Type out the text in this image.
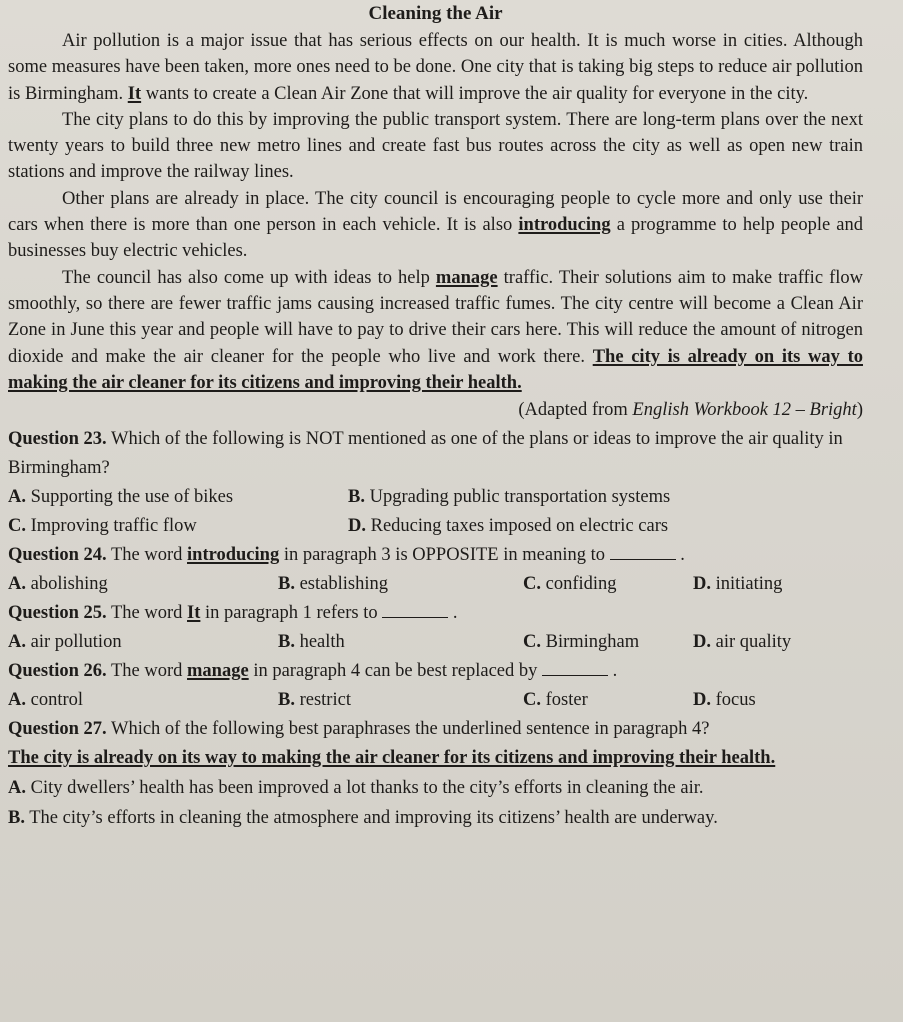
Cleaning the Air

Air pollution is a major issue that has serious effects on our health. It is much worse in cities. Although some measures have been taken, more ones need to be done. One city that is taking big steps to reduce air pollution is Birmingham. It wants to create a Clean Air Zone that will improve the air quality for everyone in the city.

The city plans to do this by improving the public transport system. There are long-term plans over the next twenty years to build three new metro lines and create fast bus routes across the city as well as open new train stations and improve the railway lines.

Other plans are already in place. The city council is encouraging people to cycle more and only use their cars when there is more than one person in each vehicle. It is also introducing a programme to help people and businesses buy electric vehicles.

The council has also come up with ideas to help manage traffic. Their solutions aim to make traffic flow smoothly, so there are fewer traffic jams causing increased traffic fumes. The city centre will become a Clean Air Zone in June this year and people will have to pay to drive their cars here. This will reduce the amount of nitrogen dioxide and make the air cleaner for the people who live and work there. The city is already on its way to making the air cleaner for its citizens and improving their health.

(Adapted from English Workbook 12 – Bright)

Question 23. Which of the following is NOT mentioned as one of the plans or ideas to improve the air quality in Birmingham?

A. Supporting the use of bikes	B. Upgrading public transportation systems
C. Improving traffic flow	D. Reducing taxes imposed on electric cars

Question 24. The word introducing in paragraph 3 is OPPOSITE in meaning to	.

A. abolishing	B. establishing	C. confiding	D. initiating

Question 25. The word It in paragraph 1 refers to	.

A. air pollution	B. health	C. Birmingham	D. air quality

Question 26. The word manage in paragraph 4 can be best replaced by	.

A. control	B. restrict	C. foster	D. focus

Question 27. Which of the following best paraphrases the underlined sentence in paragraph 4?

The city is already on its way to making the air cleaner for its citizens and improving their health.

A. City dwellers’ health has been improved a lot thanks to the city’s efforts in cleaning the air.

B. The city’s efforts in cleaning the atmosphere and improving its citizens’ health are underway.
